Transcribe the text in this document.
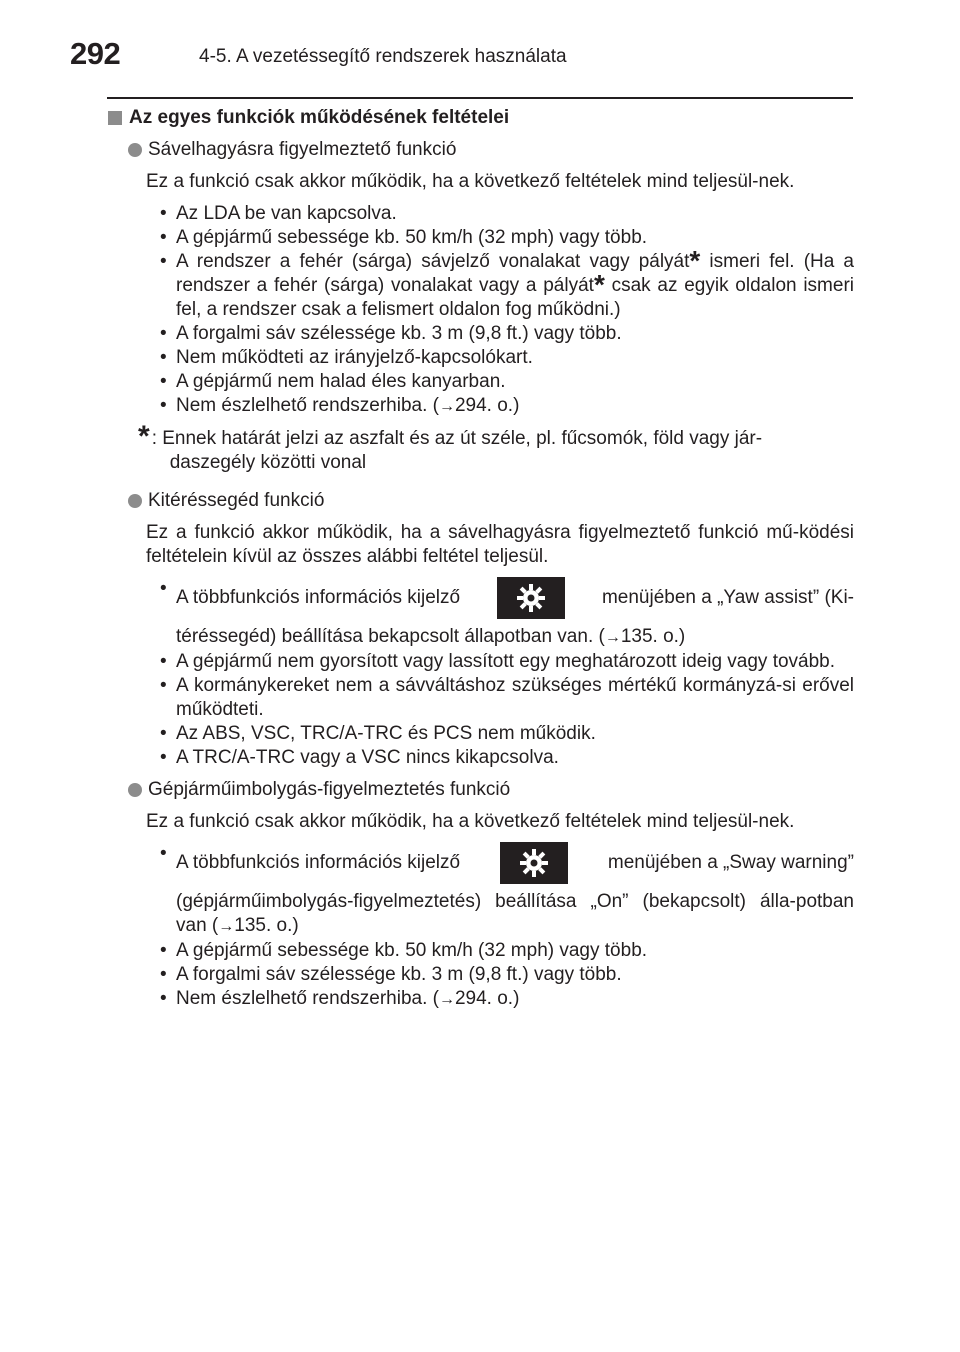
292	4-5. A vezetéssegítő rendszerek használata
Az egyes funkciók működésének feltételei
Sávelhagyásra figyelmeztető funkció

Ez a funkció csak akkor működik, ha a következő feltételek mind teljesül-nek.

• Az LDA be van kapcsolva.
• A gépjármű sebessége kb. 50 km/h (32 mph) vagy több.
• A rendszer a fehér (sárga) sávjelző vonalakat vagy pályát* ismeri fel. (Ha a rendszer a fehér (sárga) vonalakat vagy a pályát* csak az egyik oldalon ismeri fel, a rendszer csak a felismert oldalon fog működni.)
• A forgalmi sáv szélessége kb. 3 m (9,8 ft.) vagy több.
• Nem működteti az irányjelző-kapcsolókart.
• A gépjármű nem halad éles kanyarban.
• Nem észlelhető rendszerhiba. (→294. o.)
* : Ennek határát jelzi az aszfalt és az út széle, pl. fűcsomók, föld vagy jár-
daszegély közötti vonal
Kitéréssegéd funkció

Ez a funkció akkor működik, ha a sávelhagyásra figyelmeztető funkció mű-ködési feltételein kívül az összes alábbi feltétel teljesül.

• A többfunkciós információs kijelző	menüjében a „Yaw assist” (Ki-
téréssegéd) beállítása bekapcsolt állapotban van. (→135. o.)
• A gépjármű nem gyorsított vagy lassított egy meghatározott ideig vagy tovább.
• A kormánykereket nem a sávváltáshoz szükséges mértékű kormányzá-si erővel működteti.
• Az ABS, VSC, TRC/A-TRC és PCS nem működik.
• A TRC/A-TRC vagy a VSC nincs kikapcsolva.
Gépjárműimbolygás-figyelmeztetés funkció

Ez a funkció csak akkor működik, ha a következő feltételek mind teljesül-nek.

• A többfunkciós információs kijelző	menüjében a „Sway warning”
(gépjárműimbolygás-figyelmeztetés) beállítása „On” (bekapcsolt) álla-potban van (→135. o.)
• A gépjármű sebessége kb. 50 km/h (32 mph) vagy több.
• A forgalmi sáv szélessége kb. 3 m (9,8 ft.) vagy több.
• Nem észlelhető rendszerhiba. (→294. o.)
